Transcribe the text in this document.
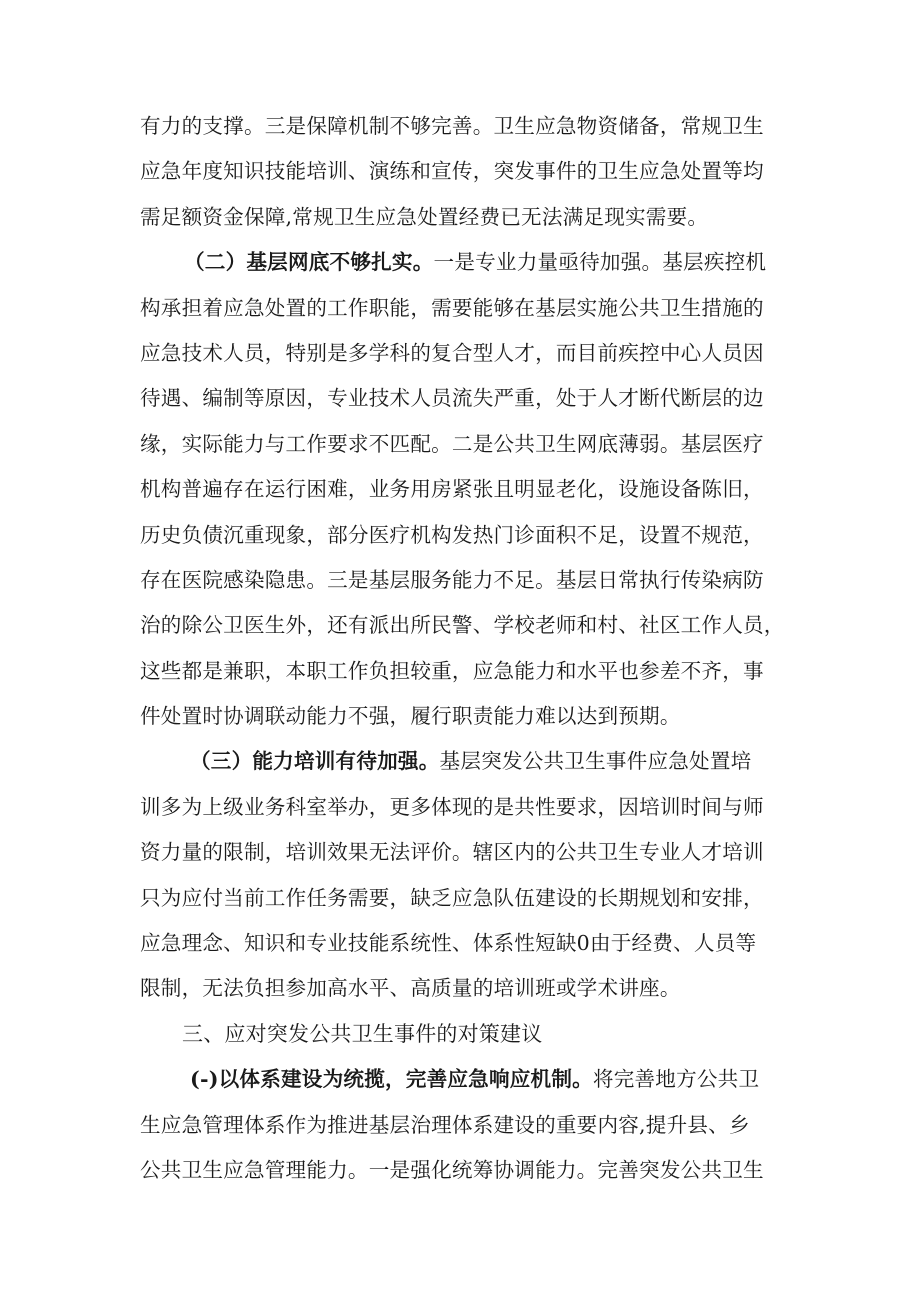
有力的支撑。三是保障机制不够完善。卫生应急物资储备，常规卫生
应急年度知识技能培训、演练和宣传，突发事件的卫生应急处置等均
需足额资金保障,常规卫生应急处置经费已无法满足现实需要。
（二）基层网底不够扎实。一是专业力量亟待加强。基层疾控机
构承担着应急处置的工作职能，需要能够在基层实施公共卫生措施的
应急技术人员，特别是多学科的复合型人才，而目前疾控中心人员因
待遇、编制等原因，专业技术人员流失严重，处于人才断代断层的边
缘，实际能力与工作要求不匹配。二是公共卫生网底薄弱。基层医疗
机构普遍存在运行困难，业务用房紧张且明显老化，设施设备陈旧，
历史负债沉重现象，部分医疗机构发热门诊面积不足，设置不规范，
存在医院感染隐患。三是基层服务能力不足。基层日常执行传染病防
治的除公卫医生外，还有派出所民警、学校老师和村、社区工作人员，
这些都是兼职，本职工作负担较重，应急能力和水平也参差不齐，事
件处置时协调联动能力不强，履行职责能力难以达到预期。
（三）能力培训有待加强。基层突发公共卫生事件应急处置培
训多为上级业务科室举办，更多体现的是共性要求，因培训时间与师
资力量的限制，培训效果无法评价。辖区内的公共卫生专业人才培训
只为应付当前工作任务需要，缺乏应急队伍建设的长期规划和安排，
应急理念、知识和专业技能系统性、体系性短缺0由于经费、人员等
限制，无法负担参加高水平、高质量的培训班或学术讲座。
三、应对突发公共卫生事件的对策建议
(-)以体系建设为统揽，完善应急响应机制。将完善地方公共卫
生应急管理体系作为推进基层治理体系建设的重要内容,提升县、乡
公共卫生应急管理能力。一是强化统筹协调能力。完善突发公共卫生
